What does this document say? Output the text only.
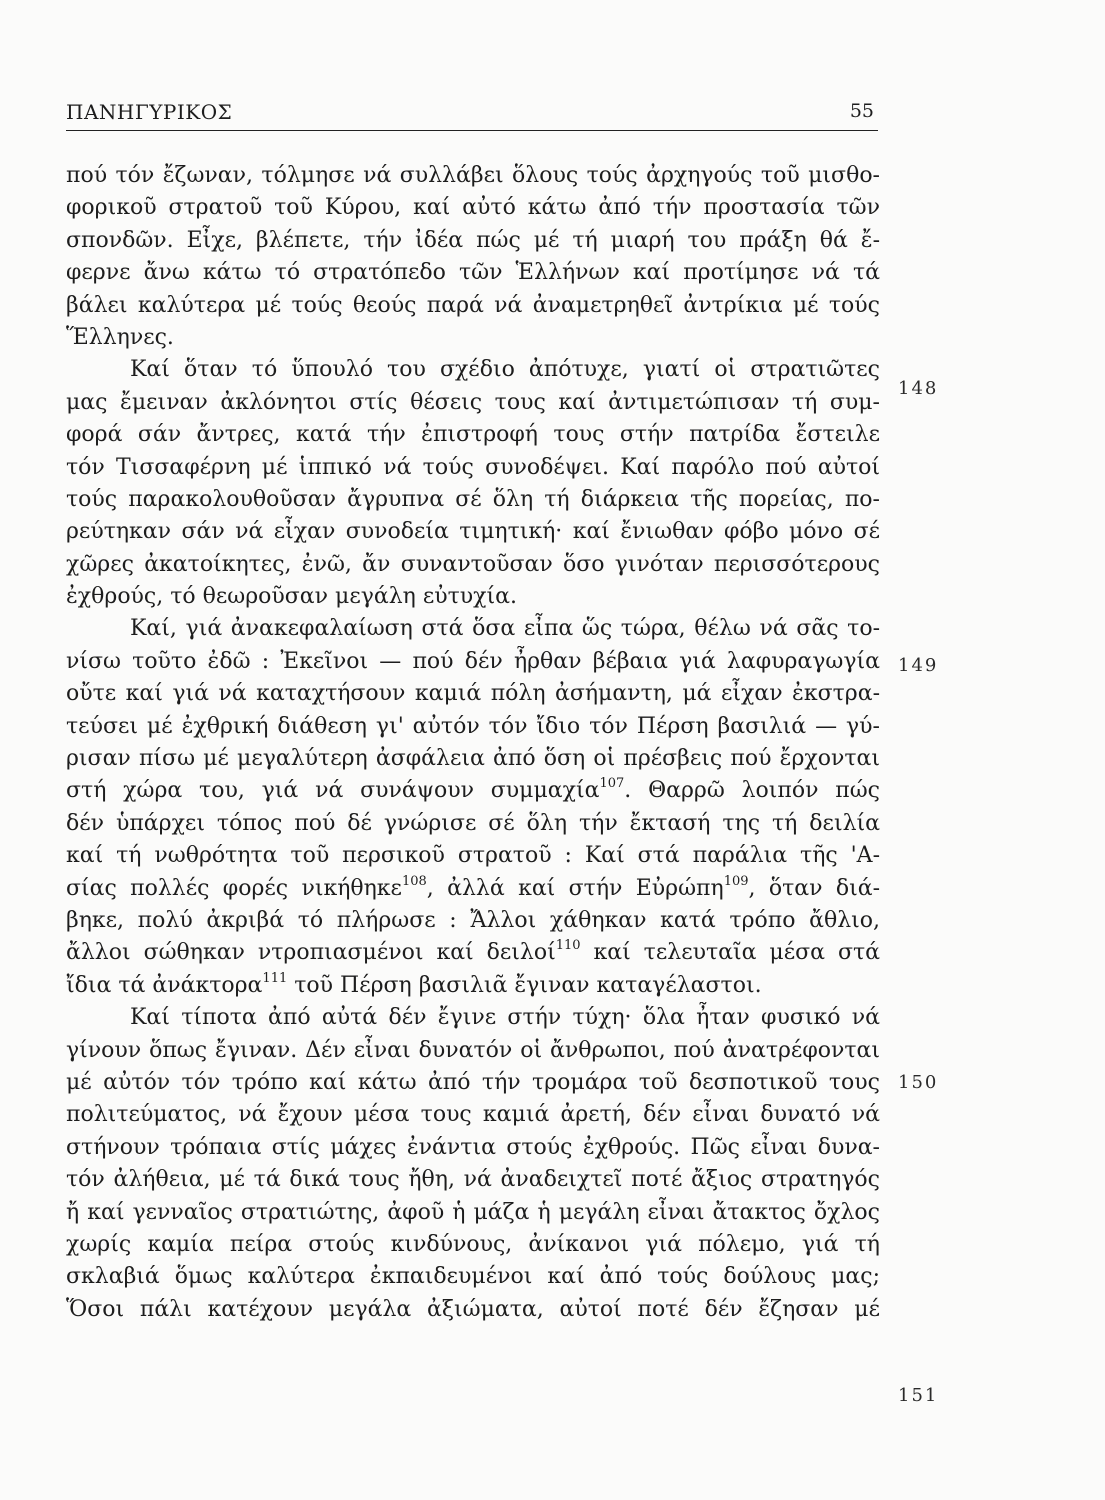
ΠΑΝΗΓΥΡΙΚΟΣ	55
πού τόν ἔζωναν, τόλμησε νά συλλάβει ὅλους τούς ἀρχηγούς τοῦ μισθο-
φορικοῦ στρατοῦ τοῦ Κύρου, καί αὐτό κάτω ἀπό τήν προστασία τῶν
σπονδῶν. Εἶχε, βλέπετε, τήν ἰδέα πώς μέ τή μιαρή του πράξη θά ἔ-
φερνε ἄνω κάτω τό στρατόπεδο τῶν Ἑλλήνων καί προτίμησε νά τά
βάλει καλύτερα μέ τούς θεούς παρά νά ἀναμετρηθεῖ ἀντρίκια μέ τούς
Ἕλληνες.
Καί ὅταν τό ὕπουλό του σχέδιο ἀπότυχε, γιατί οἱ στρατιῶτες
μας ἔμειναν ἀκλόνητοι στίς θέσεις τους καί ἀντιμετώπισαν τή συμ-
φορά σάν ἄντρες, κατά τήν ἐπιστροφή τους στήν πατρίδα ἔστειλε
τόν Τισσαφέρνη μέ ἱππικό νά τούς συνοδέψει. Καί παρόλο πού αὐτοί
τούς παρακολουθοῦσαν ἄγρυπνα σέ ὅλη τή διάρκεια τῆς πορείας, πο-
ρεύτηκαν σάν νά εἶχαν συνοδεία τιμητική· καί ἔνιωθαν φόβο μόνο σέ
χῶρες ἀκατοίκητες, ἐνῶ, ἄν συναντοῦσαν ὅσο γινόταν περισσότερους
ἐχθρούς, τό θεωροῦσαν μεγάλη εὐτυχία.
Καί, γιά ἀνακεφαλαίωση στά ὅσα εἶπα ὥς τώρα, θέλω νά σᾶς το-
νίσω τοῦτο ἐδῶ : Ἐκεῖνοι — πού δέν ἦρθαν βέβαια γιά λαφυραγωγία
οὔτε καί γιά νά καταχτήσουν καμιά πόλη ἀσήμαντη, μά εἶχαν ἐκστρα-
τεύσει μέ ἐχθρική διάθεση γι' αὐτόν τόν ἴδιο τόν Πέρση βασιλιά — γύ-
ρισαν πίσω μέ μεγαλύτερη ἀσφάλεια ἀπό ὅση οἱ πρέσβεις πού ἔρχονται
στή χώρα του, γιά νά συνάψουν συμμαχία$^{107}$. Θαρρῶ λοιπόν πώς
δέν ὑπάρχει τόπος πού δέ γνώρισε σέ ὅλη τήν ἔκτασή της τή δειλία
καί τή νωθρότητα τοῦ περσικοῦ στρατοῦ : Καί στά παράλια τῆς 'Α-
σίας πολλές φορές νικήθηκε$^{108}$, ἀλλά καί στήν Εὐρώπη$^{109}$, ὅταν διά-
βηκε, πολύ ἀκριβά τό πλήρωσε : Ἄλλοι χάθηκαν κατά τρόπο ἄθλιο,
ἄλλοι σώθηκαν ντροπιασμένοι καί δειλοί$^{110}$ καί τελευταῖα μέσα στά
ἴδια τά ἀνάκτορα$^{111}$ τοῦ Πέρση βασιλιᾶ ἔγιναν καταγέλαστοι.
Καί τίποτα ἀπό αὐτά δέν ἔγινε στήν τύχη· ὅλα ἦταν φυσικό νά
γίνουν ὅπως ἔγιναν. Δέν εἶναι δυνατόν οἱ ἄνθρωποι, πού ἀνατρέφονται
μέ αὐτόν τόν τρόπο καί κάτω ἀπό τήν τρομάρα τοῦ δεσποτικοῦ τους
πολιτεύματος, νά ἔχουν μέσα τους καμιά ἀρετή, δέν εἶναι δυνατό νά
στήνουν τρόπαια στίς μάχες ἐνάντια στούς ἐχθρούς. Πῶς εἶναι δυνα-
τόν ἀλήθεια, μέ τά δικά τους ἤθη, νά ἀναδειχτεῖ ποτέ ἄξιος στρατηγός
ἤ καί γενναῖος στρατιώτης, ἀφοῦ ἡ μάζα ἡ μεγάλη εἶναι ἄτακτος ὄχλος
χωρίς καμία πείρα στούς κινδύνους, ἀνίκανοι γιά πόλεμο, γιά τή
σκλαβιά ὅμως καλύτερα ἐκπαιδευμένοι καί ἀπό τούς δούλους μας;
Ὅσοι πάλι κατέχουν μεγάλα ἀξιώματα, αὐτοί ποτέ δέν ἔζησαν μέ
148
149
150
151
